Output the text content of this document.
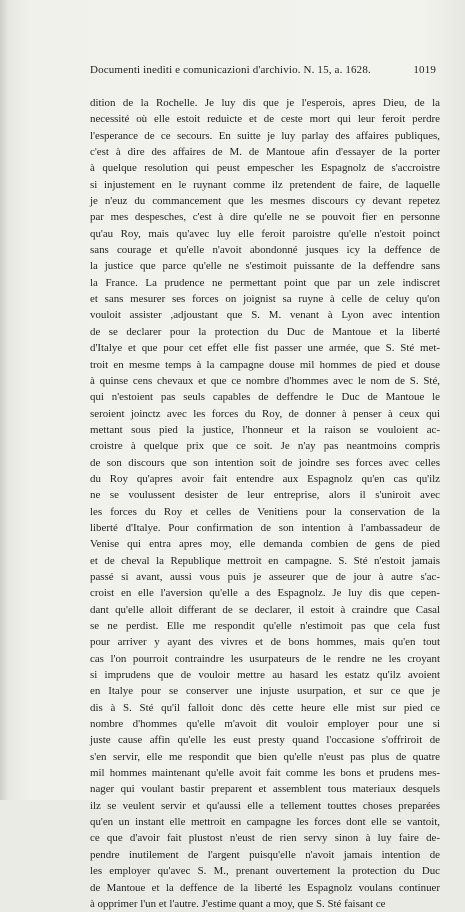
Documenti inediti e comunicazioni d'archivio. N. 15, a. 1628.	1019
dition de la Rochelle. Je luy dis que je l'esperois, apres Dieu, de la
necessité où elle estoit reduicte et de ceste mort qui leur feroit perdre
l'esperance de ce secours. En suitte je luy parlay des affaires publiques,
c'est à dire des affaires de M. de Mantoue afin d'essayer de la porter
à quelque resolution qui peust empescher les Espagnolz de s'accroistre
si injustement en le ruynant comme ilz pretendent de faire, de laquelle
je n'euz du commancement que les mesmes discours cy devant repetez
par mes despesches, c'est à dire qu'elle ne se pouvoit fier en personne
qu'au Roy, mais qu'avec luy elle feroit paroistre qu'elle n'estoit poinct
sans courage et qu'elle n'avoit abondonné jusques icy la deffence de
la justice que parce qu'elle ne s'estimoit puissante de la deffendre sans
la France. La prudence ne permettant point que par un zele indiscret
et sans mesurer ses forces on joignist sa ruyne à celle de celuy qu'on
vouloit assister ,adjoustant que S. M. venant à Lyon avec intention
de se declarer pour la protection du Duc de Mantoue et la liberté
d'Italye et que pour cet effet elle fist passer une armée, que S. Sté met-
troit en mesme temps à la campagne douse mil hommes de pied et douse
à quinse cens chevaux et que ce nombre d'hommes avec le nom de S. Sté,
qui n'estoient pas seuls capables de deffendre le Duc de Mantoue le
seroient joinctz avec les forces du Roy, de donner à penser à ceux qui
mettant sous pied la justice, l'honneur et la raison se vouloient ac-
croistre à quelque prix que ce soit. Je n'ay pas neantmoins compris
de son discours que son intention soit de joindre ses forces avec celles
du Roy qu'apres avoir fait entendre aux Espagnolz qu'en cas qu'ilz
ne se voulussent desister de leur entreprise, alors il s'uniroit avec
les forces du Roy et celles de Venitiens pour la conservation de la
liberté d'Italye. Pour confirmation de son intention à l'ambassadeur de
Venise qui entra apres moy, elle demanda combien de gens de pied
et de cheval la Republique mettroit en campagne. S. Sté n'estoit jamais
passé si avant, aussi vous puis je asseurer que de jour à autre s'ac-
croist en elle l'aversion qu'elle a des Espagnolz. Je luy dis que cepen-
dant qu'elle alloit differant de se declarer, il estoit à craindre que Casal
se ne perdist. Elle me respondit qu'elle n'estimoit pas que cela fust
pour arriver y ayant des vivres et de bons hommes, mais qu'en tout
cas l'on pourroit contraindre les usurpateurs de le rendre ne les croyant
si imprudens que de vouloir mettre au hasard les estatz qu'ilz avoient
en Italye pour se conserver une injuste usurpation, et sur ce que je
dis à S. Sté qu'il falloit donc dès cette heure elle mist sur pied ce
nombre d'hommes qu'elle m'avoit dit vouloir employer pour une si
juste cause affin qu'elle les eust presty quand l'occasione s'offriroit de
s'en servir, elle me respondit que bien qu'elle n'eust pas plus de quatre
mil hommes maintenant qu'elle avoit fait comme les bons et prudens mes-
nager qui voulant bastir preparent et assemblent tous materiaux desquels
ilz se veulent servir et qu'aussi elle a tellement touttes choses preparées
qu'en un instant elle mettroit en campagne les forces dont elle se vantoit,
ce que d'avoir fait plustost n'eust de rien servy sinon à luy faire de-
pendre inutilement de l'argent puisqu'elle n'avoit jamais intention de
les employer qu'avec S. M., prenant ouvertement la protection du Duc
de Mantoue et la deffence de la liberté les Espagnolz voulans continuer
à opprimer l'un et l'autre. J'estime quant a moy, que S. Sté faisant ce
